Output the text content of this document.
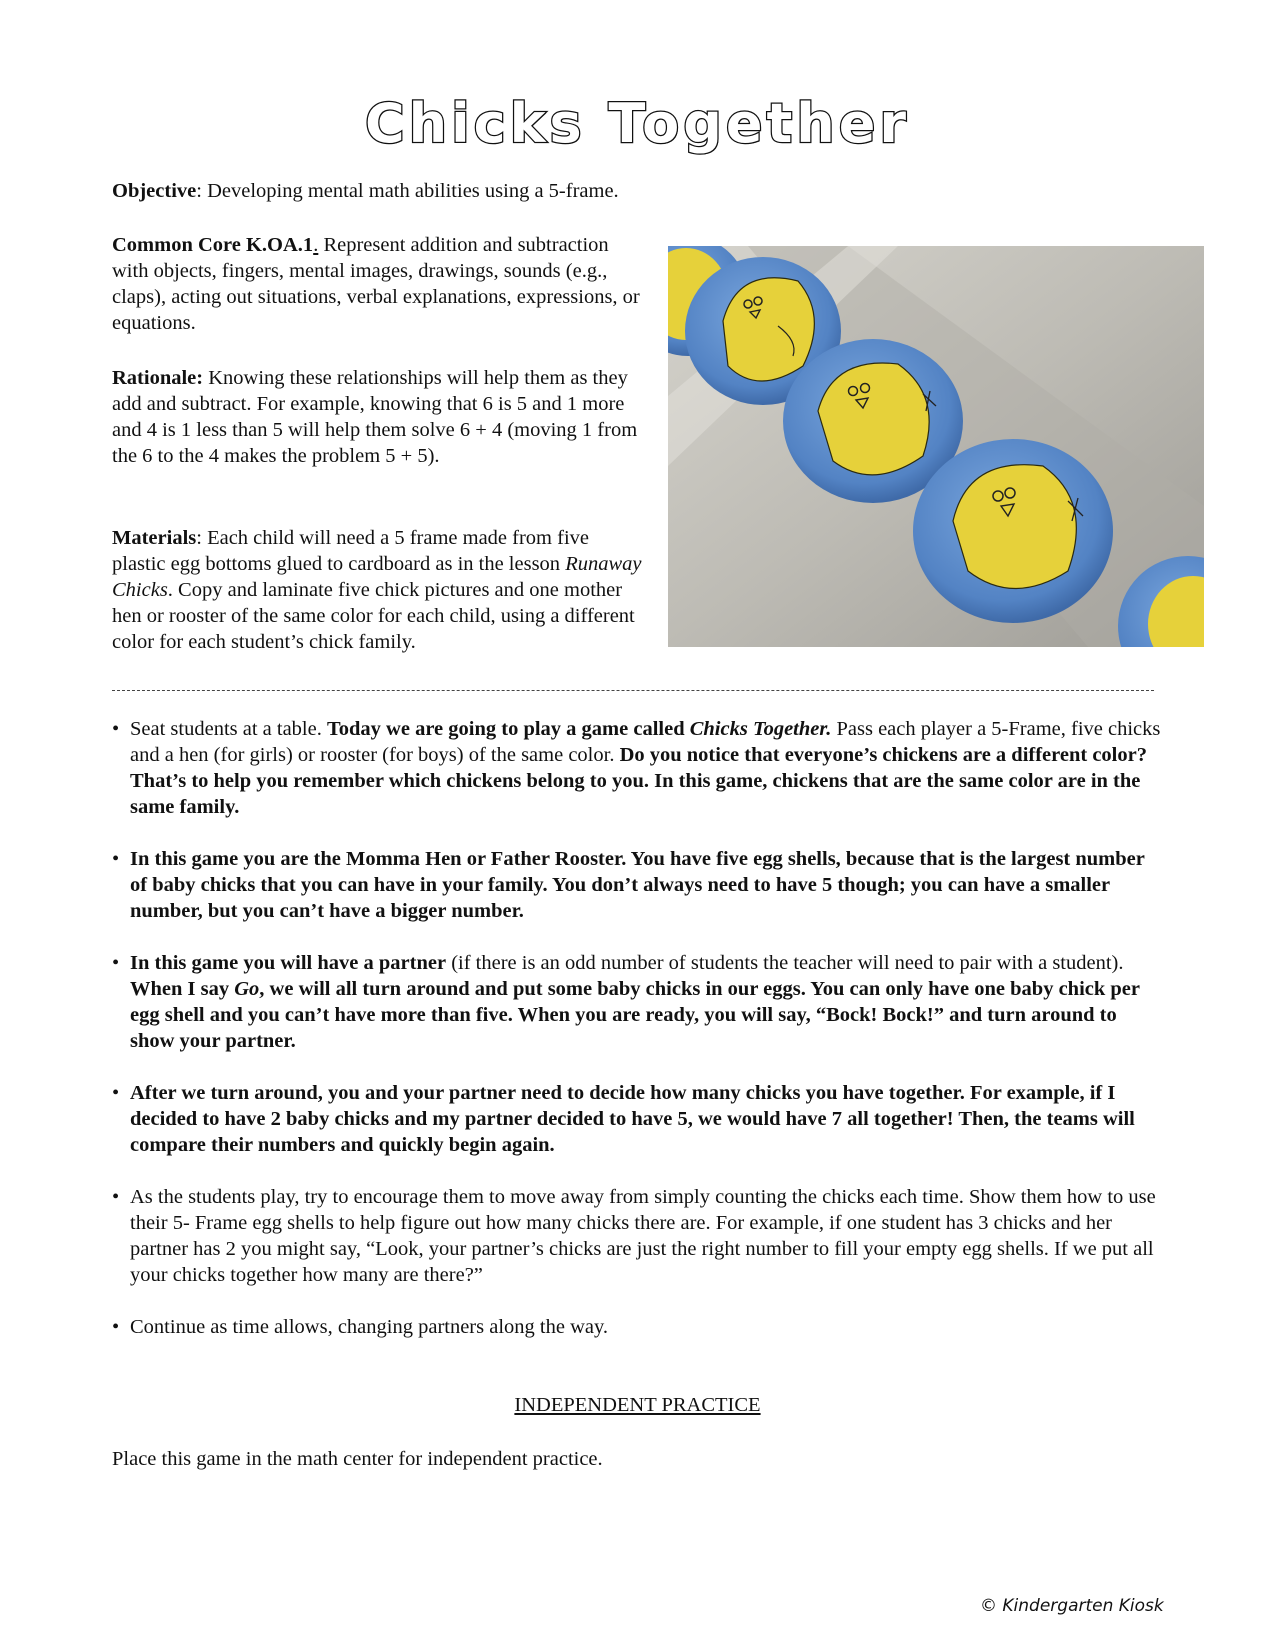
Chicks Together

Objective: Developing mental math abilities using a 5-frame.

Common Core K.OA.1. Represent addition and subtraction with objects, fingers, mental images, drawings, sounds (e.g., claps), acting out situations, verbal explanations, expressions, or equations.

Rationale: Knowing these relationships will help them as they add and subtract. For example, knowing that 6 is 5 and 1 more and 4 is 1 less than 5 will help them solve 6 + 4 (moving 1 from the 6 to the 4 makes the problem 5 + 5).

Materials: Each child will need a 5 frame made from five plastic egg bottoms glued to cardboard as in the lesson Runaway Chicks. Copy and laminate five chick pictures and one mother hen or rooster of the same color for each child, using a different color for each student’s chick family.

• Seat students at a table. Today we are going to play a game called Chicks Together. Pass each player a 5-Frame, five chicks and a hen (for girls) or rooster (for boys) of the same color. Do you notice that everyone’s chickens are a different color? That’s to help you remember which chickens belong to you. In this game, chickens that are the same color are in the same family.
• In this game you are the Momma Hen or Father Rooster. You have five egg shells, because that is the largest number of baby chicks that you can have in your family. You don’t always need to have 5 though; you can have a smaller number, but you can’t have a bigger number.
• In this game you will have a partner (if there is an odd number of students the teacher will need to pair with a student). When I say Go, we will all turn around and put some baby chicks in our eggs. You can only have one baby chick per egg shell and you can’t have more than five. When you are ready, you will say, “Bock! Bock!” and turn around to show your partner.
• After we turn around, you and your partner need to decide how many chicks you have together. For example, if I decided to have 2 baby chicks and my partner decided to have 5, we would have 7 all together! Then, the teams will compare their numbers and quickly begin again.
• As the students play, try to encourage them to move away from simply counting the chicks each time. Show them how to use their 5- Frame egg shells to help figure out how many chicks there are. For example, if one student has 3 chicks and her partner has 2 you might say, “Look, your partner’s chicks are just the right number to fill your empty egg shells. If we put all your chicks together how many are there?”
• Continue as time allows, changing partners along the way.
INDEPENDENT PRACTICE

Place this game in the math center for independent practice.

© Kindergarten Kiosk
